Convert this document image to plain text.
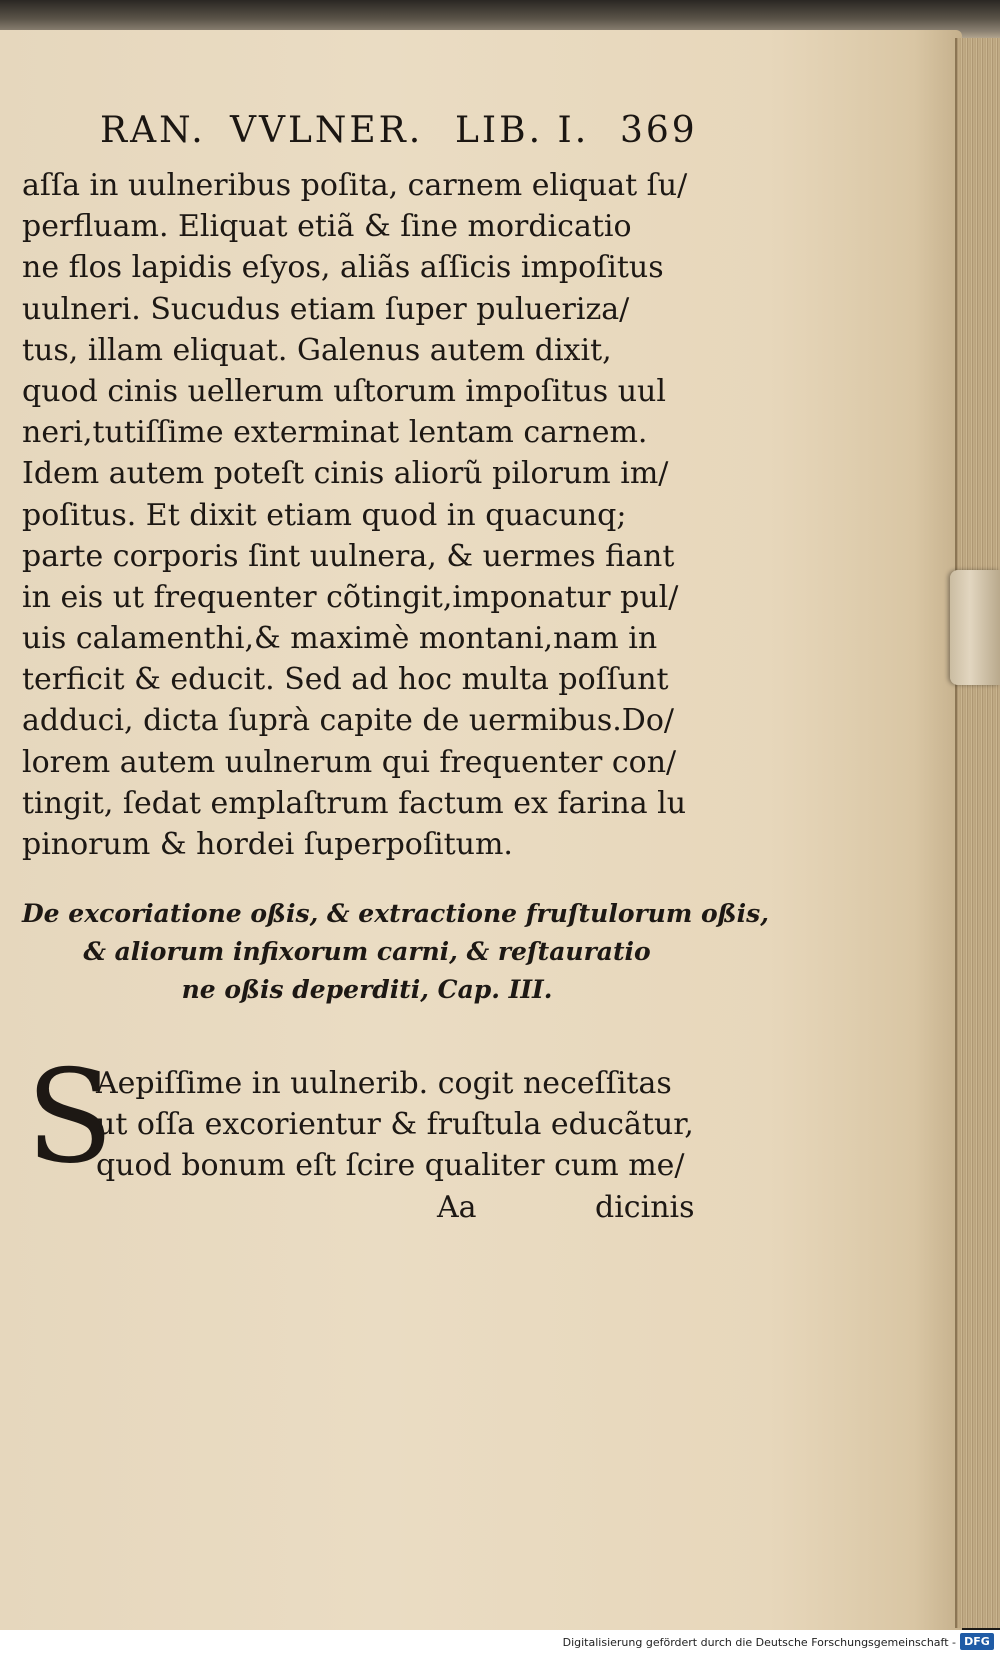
RAN. VVLNER. LIB. I. 369
aſſa in uulneribus poſita, carnem eliquat ſu/
perfluam. Eliquat etiã & ſine mordicatio
ne flos lapidis eſyos, aliãs aſſicis impoſitus
uulneri. Sucudus etiam ſuper pulueriza/
tus, illam eliquat. Galenus autem dixit,
quod cinis uellerum uſtorum impoſitus uul
neri,tutiſſime exterminat lentam carnem.
Idem autem poteſt cinis aliorũ pilorum im/
poſitus. Et dixit etiam quod in quacunq;
parte corporis ſint uulnera, & uermes fiant
in eis ut frequenter cõtingit,imponatur pul/
uis calamenthi,& maximè montani,nam in
terficit & educit. Sed ad hoc multa poſſunt
adduci, dicta ſuprà capite de uermibus.Do/
lorem autem uulnerum qui frequenter con/
tingit, ſedat emplaſtrum factum ex farina lu
pinorum & hordei ſuperpoſitum.
De excoriatione oßis, & extractione fruſtulorum oßis,
& aliorum infixorum carni, & reſtauratio
ne oßis deperditi, Cap. III.
S
Aepiſſime in uulnerib. cogit neceſſitas
ut oſſa excorientur & fruſtula educãtur,
quod bonum eſt ſcire qualiter cum me/
Aa	dicinis
Digitalisierung gefördert durch die Deutsche Forschungsgemeinschaft - DFG
